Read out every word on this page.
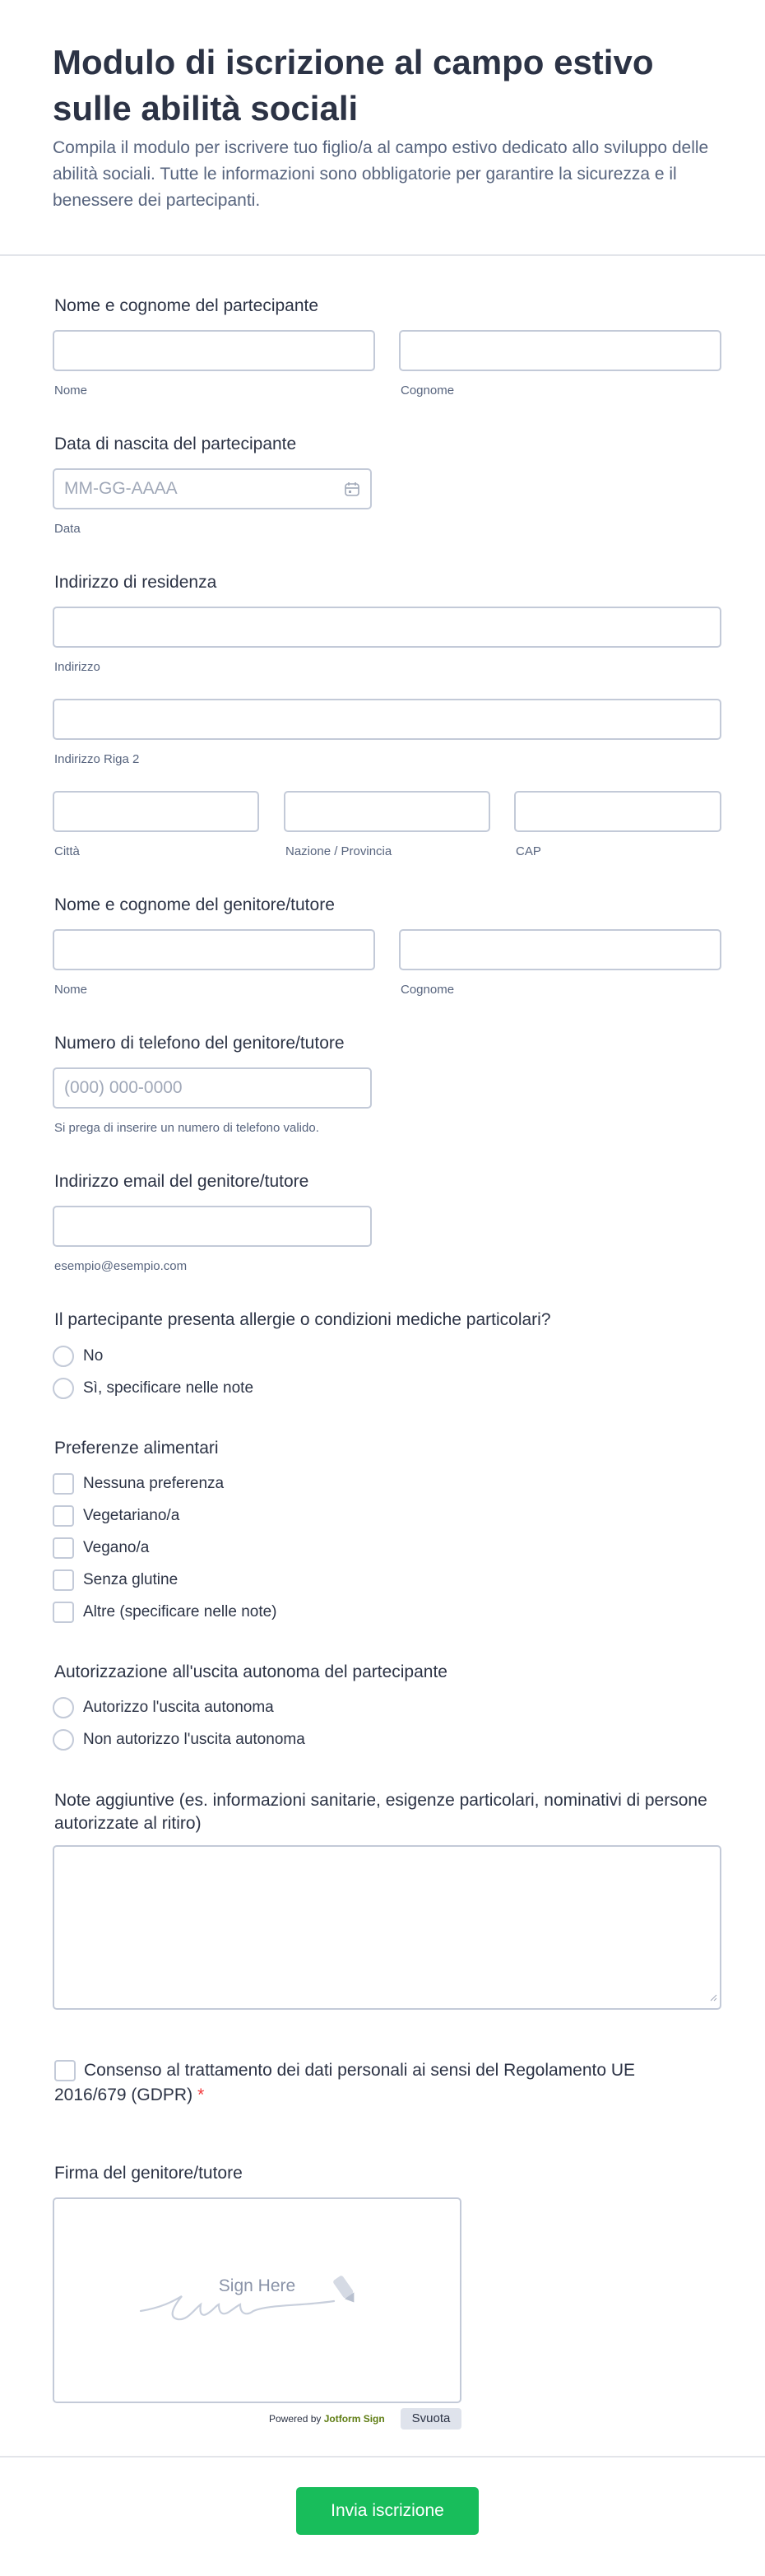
Modulo di iscrizione al campo estivo sulle abilità sociali
Compila il modulo per iscrivere tuo figlio/a al campo estivo dedicato allo sviluppo delle abilità sociali. Tutte le informazioni sono obbligatorie per garantire la sicurezza e il benessere dei partecipanti.
Nome e cognome del partecipante
Nome	Cognome
Data di nascita del partecipante
MM-GG-AAAA
Data
Indirizzo di residenza
Indirizzo
Indirizzo Riga 2
Città	Nazione / Provincia	CAP
Nome e cognome del genitore/tutore
Nome	Cognome
Numero di telefono del genitore/tutore
(000) 000-0000
Si prega di inserire un numero di telefono valido.
Indirizzo email del genitore/tutore
esempio@esempio.com
Il partecipante presenta allergie o condizioni mediche particolari?
No
Sì, specificare nelle note
Preferenze alimentari
Nessuna preferenza
Vegetariano/a
Vegano/a
Senza glutine
Altre (specificare nelle note)
Autorizzazione all'uscita autonoma del partecipante
Autorizzo l'uscita autonoma
Non autorizzo l'uscita autonoma
Note aggiuntive (es. informazioni sanitarie, esigenze particolari, nominativi di persone autorizzate al ritiro)
Consenso al trattamento dei dati personali ai sensi del Regolamento UE 2016/679 (GDPR) *
Firma del genitore/tutore
Sign Here
Powered by Jotform Sign	Svuota
Invia iscrizione
